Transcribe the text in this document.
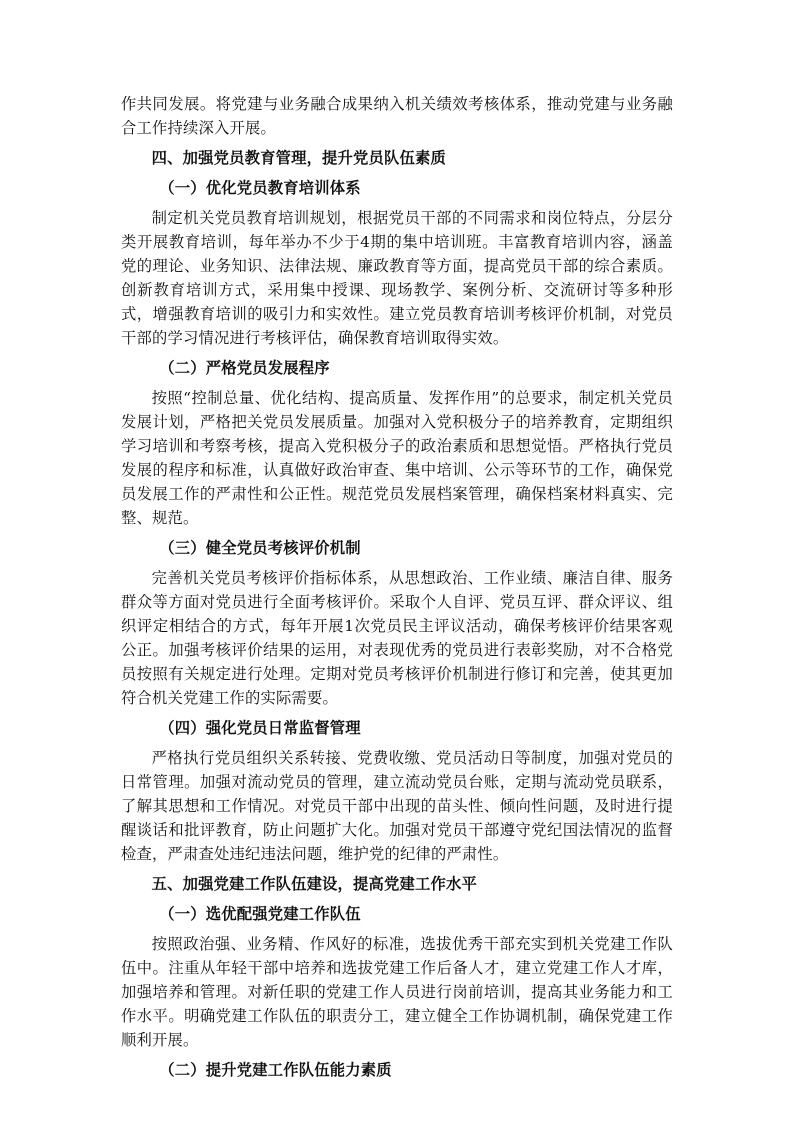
作共同发展。将党建与业务融合成果纳入机关绩效考核体系，推动党建与业务融合工作持续深入开展。

四、加强党员教育管理，提升党员队伍素质
（一）优化党员教育培训体系

制定机关党员教育培训规划，根据党员干部的不同需求和岗位特点，分层分类开展教育培训，每年举办不少于4期的集中培训班。丰富教育培训内容，涵盖党的理论、业务知识、法律法规、廉政教育等方面，提高党员干部的综合素质。创新教育培训方式，采用集中授课、现场教学、案例分析、交流研讨等多种形式，增强教育培训的吸引力和实效性。建立党员教育培训考核评价机制，对党员干部的学习情况进行考核评估，确保教育培训取得实效。

（二）严格党员发展程序

按照“控制总量、优化结构、提高质量、发挥作用”的总要求，制定机关党员发展计划，严格把关党员发展质量。加强对入党积极分子的培养教育，定期组织学习培训和考察考核，提高入党积极分子的政治素质和思想觉悟。严格执行党员发展的程序和标准，认真做好政治审查、集中培训、公示等环节的工作，确保党员发展工作的严肃性和公正性。规范党员发展档案管理，确保档案材料真实、完整、规范。

（三）健全党员考核评价机制

完善机关党员考核评价指标体系，从思想政治、工作业绩、廉洁自律、服务群众等方面对党员进行全面考核评价。采取个人自评、党员互评、群众评议、组织评定相结合的方式，每年开展1次党员民主评议活动，确保考核评价结果客观公正。加强考核评价结果的运用，对表现优秀的党员进行表彰奖励，对不合格党员按照有关规定进行处理。定期对党员考核评价机制进行修订和完善，使其更加符合机关党建工作的实际需要。

（四）强化党员日常监督管理

严格执行党员组织关系转接、党费收缴、党员活动日等制度，加强对党员的日常管理。加强对流动党员的管理，建立流动党员台账，定期与流动党员联系，了解其思想和工作情况。对党员干部中出现的苗头性、倾向性问题，及时进行提醒谈话和批评教育，防止问题扩大化。加强对党员干部遵守党纪国法情况的监督检查，严肃查处违纪违法问题，维护党的纪律的严肃性。

五、加强党建工作队伍建设，提高党建工作水平
（一）选优配强党建工作队伍

按照政治强、业务精、作风好的标准，选拔优秀干部充实到机关党建工作队伍中。注重从年轻干部中培养和选拔党建工作后备人才，建立党建工作人才库，加强培养和管理。对新任职的党建工作人员进行岗前培训，提高其业务能力和工作水平。明确党建工作队伍的职责分工，建立健全工作协调机制，确保党建工作顺利开展。

（二）提升党建工作队伍能力素质
